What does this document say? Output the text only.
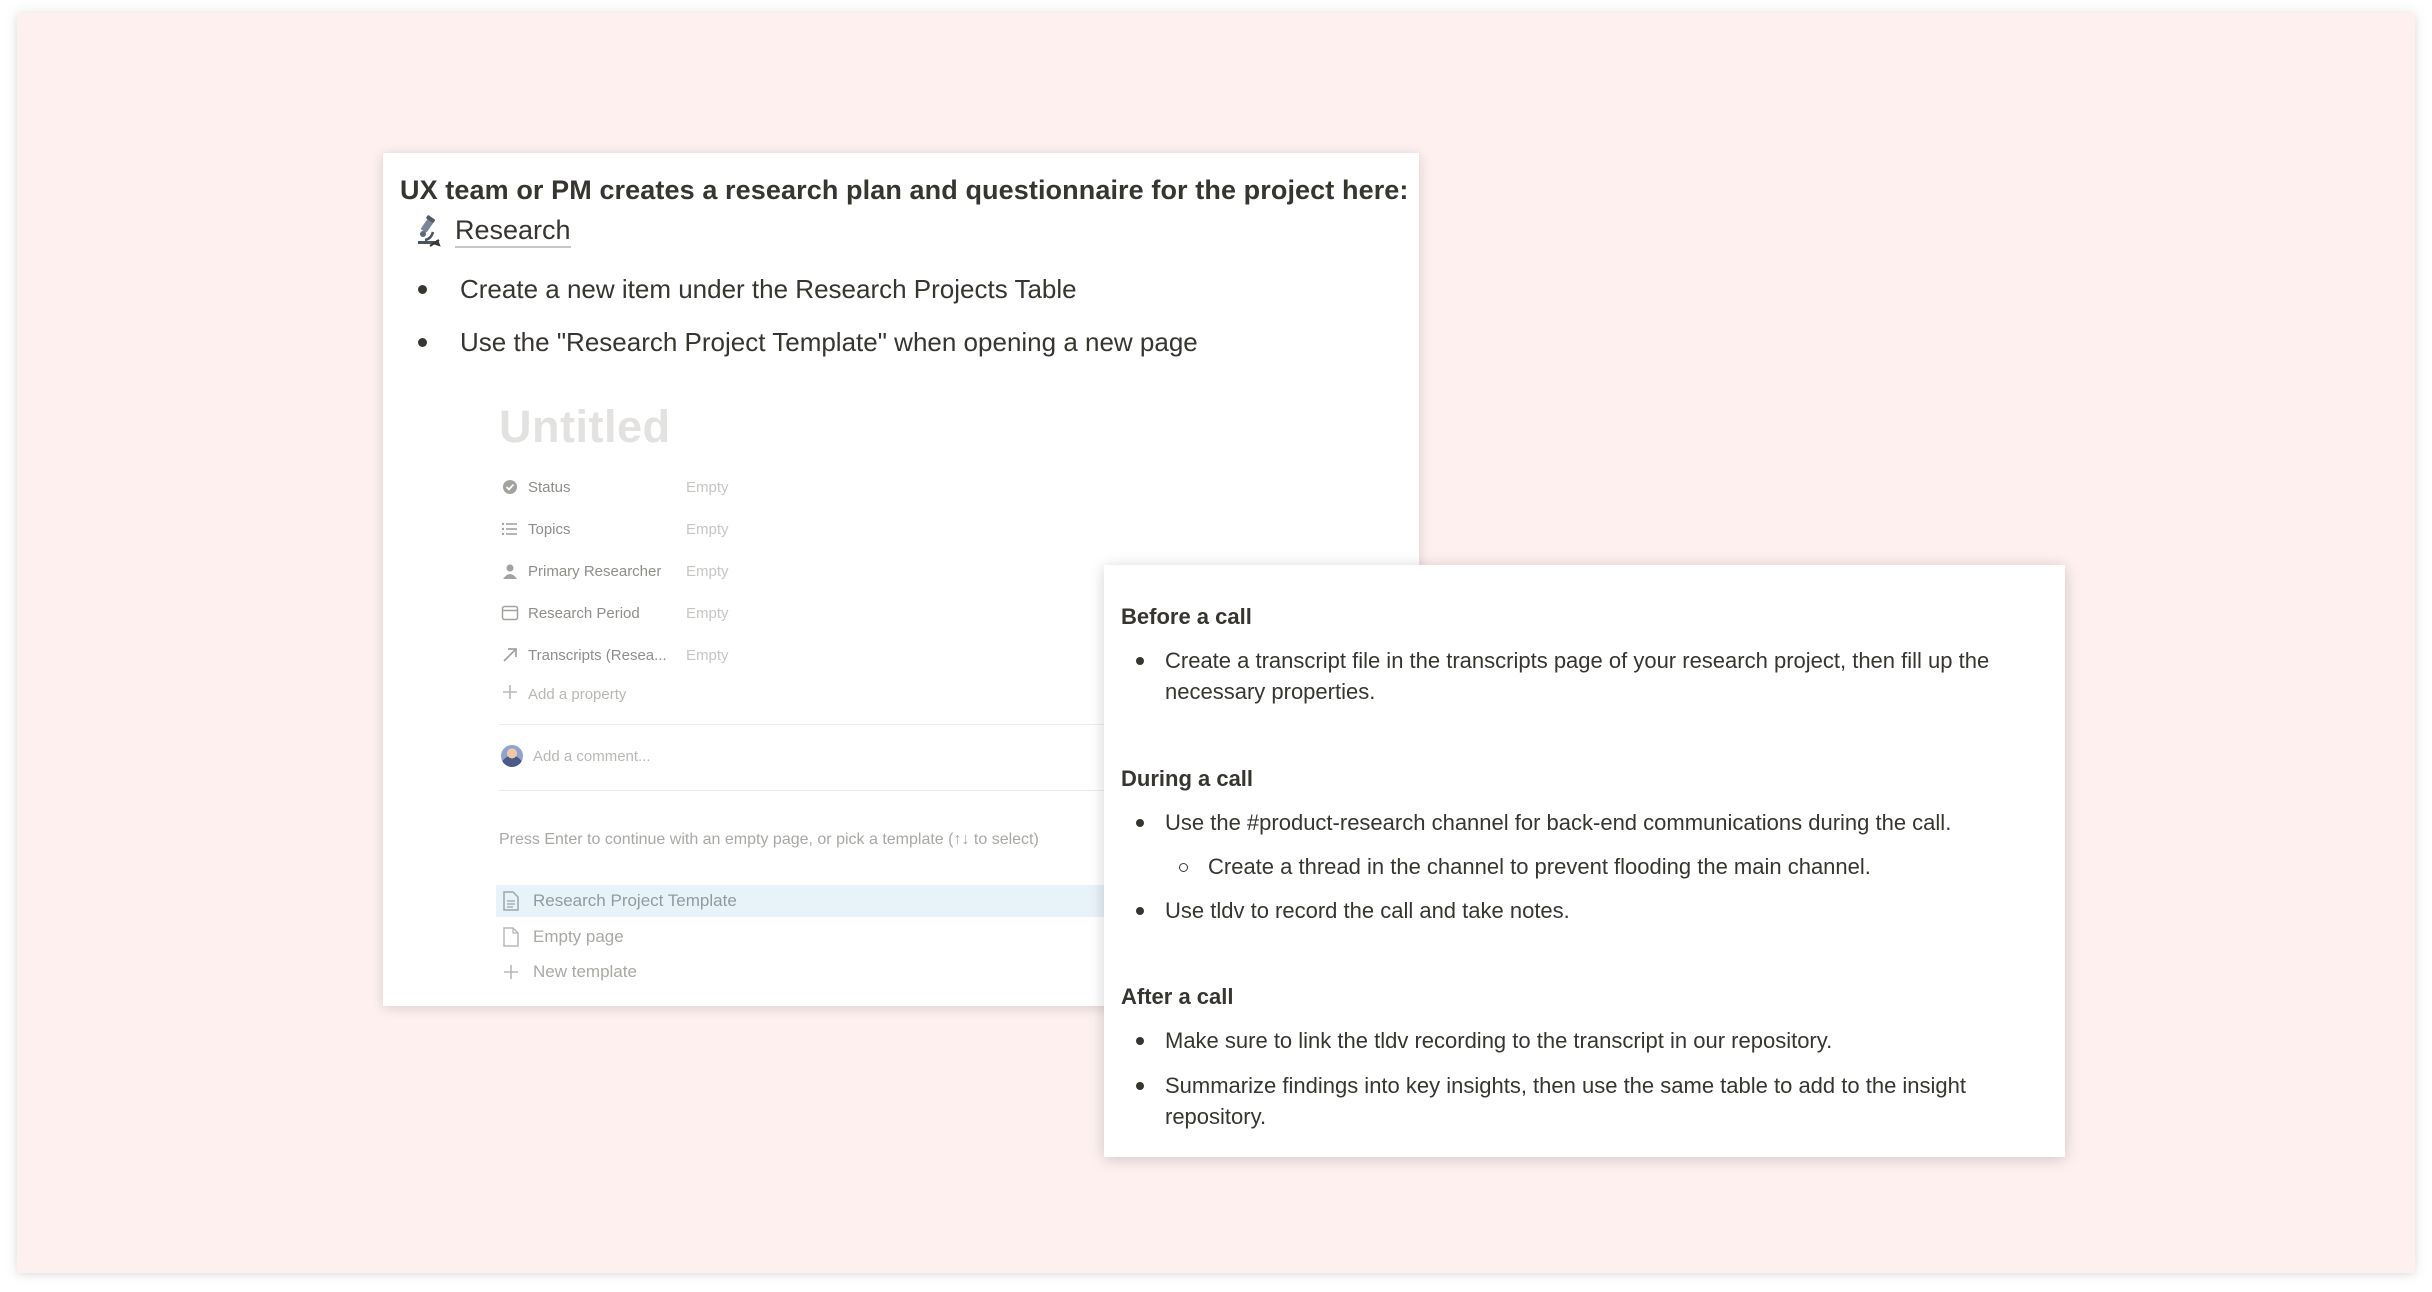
UX team or PM creates a research plan and questionnaire for the project here:
Research
Create a new item under the Research Projects Table
Use the "Research Project Template" when opening a new page
Untitled
Status	Empty
Topics	Empty
Primary Researcher	Empty
Research Period	Empty
Transcripts (Resea...	Empty
Add a property
Add a comment...
Press Enter to continue with an empty page, or pick a template (↑↓ to select)
Research Project Template
Empty page
New template
Before a call
Create a transcript file in the transcripts page of your research project, then fill up the necessary properties.
During a call
Use the #product-research channel for back-end communications during the call.
Create a thread in the channel to prevent flooding the main channel.
Use tldv to record the call and take notes.
After a call
Make sure to link the tldv recording to the transcript in our repository.
Summarize findings into key insights, then use the same table to add to the insight repository.
